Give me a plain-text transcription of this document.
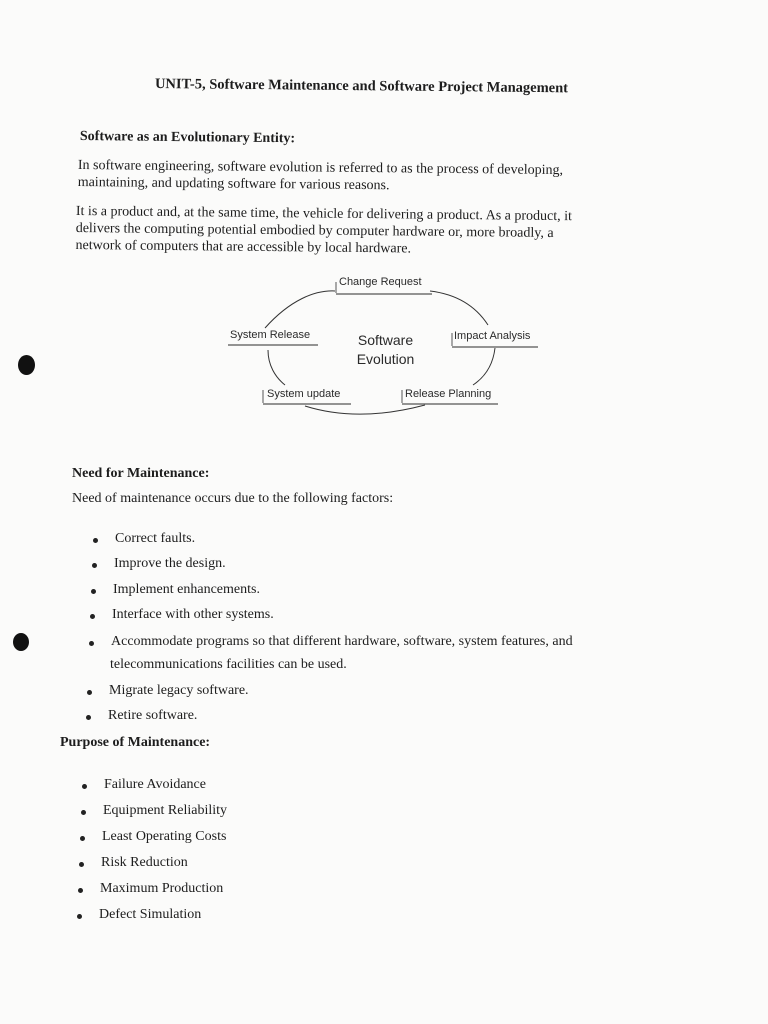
UNIT-5, Software Maintenance and Software Project Management
Software as an Evolutionary Entity:
In software engineering, software evolution is referred to as the process of developing,
maintaining, and updating software for various reasons.
It is a product and, at the same time, the vehicle for delivering a product. As a product, it
delivers the computing potential embodied by computer hardware or, more broadly, a
network of computers that are accessible by local hardware.
Change Request
Impact Analysis
Release Planning
System update
System Release	Software
Evolution
Need for Maintenance:
Need of maintenance occurs due to the following factors:
Correct faults.
Improve the design.
Implement enhancements.
Interface with other systems.
Accommodate programs so that different hardware, software, system features, and
telecommunications facilities can be used.
Migrate legacy software.
Retire software.
Purpose of Maintenance:
Failure Avoidance
Equipment Reliability
Least Operating Costs
Risk Reduction
Maximum Production
Defect Simulation
